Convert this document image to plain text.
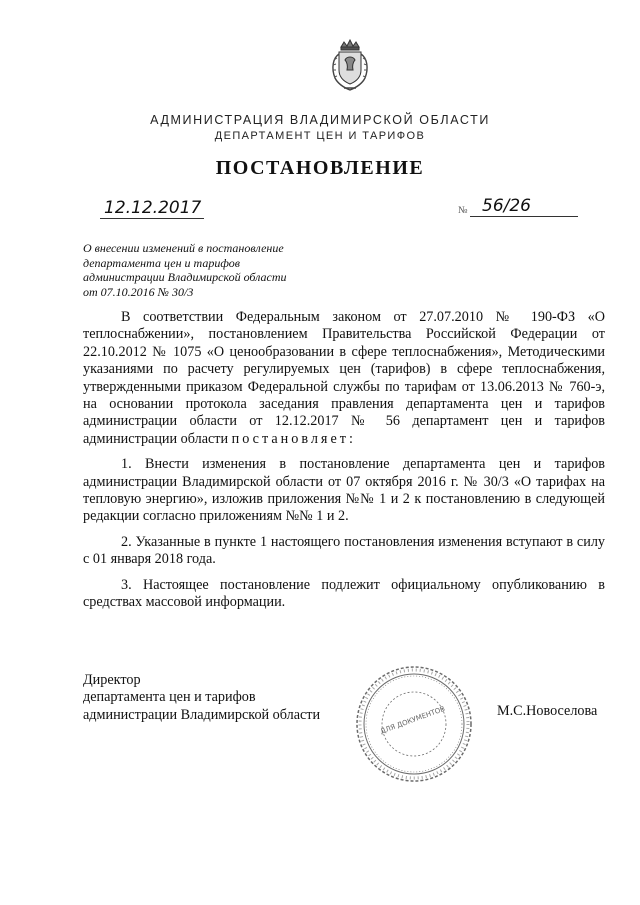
АДМИНИСТРАЦИЯ ВЛАДИМИРСКОЙ ОБЛАСТИ
ДЕПАРТАМЕНТ ЦЕН И ТАРИФОВ
ПОСТАНОВЛЕНИЕ
12.12.2017	№ 56/26
О внесении изменений в постановление
департамента цен и тарифов
администрации Владимирской области
от 07.10.2016 № 30/3

В соответствии Федеральным законом от 27.07.2010 № 190-ФЗ «О теплоснабжении», постановлением Правительства Российской Федерации от 22.10.2012 № 1075 «О ценообразовании в сфере теплоснабжения», Методическими указаниями по расчету регулируемых цен (тарифов) в сфере теплоснабжения, утвержденными приказом Федеральной службы по тарифам от 13.06.2013 № 760-э, на основании протокола заседания правления департамента цен и тарифов администрации области от 12.12.2017 № 56 департамент цен и тарифов администрации области постановляет:

1. Внести изменения в постановление департамента цен и тарифов администрации Владимирской области от 07 октября 2016 г. № 30/3 «О тарифах на тепловую энергию», изложив приложения №№ 1 и 2 к постановлению в следующей редакции согласно приложениям №№ 1 и 2.

2. Указанные в пункте 1 настоящего постановления изменения вступают в силу с 01 января 2018 года.

3. Настоящее постановление подлежит официальному опубликованию в средствах массовой информации.

Директор
департамента цен и тарифов
администрации Владимирской области	ДЛЯ ДОКУМЕНТОВ	М.С.Новоселова
